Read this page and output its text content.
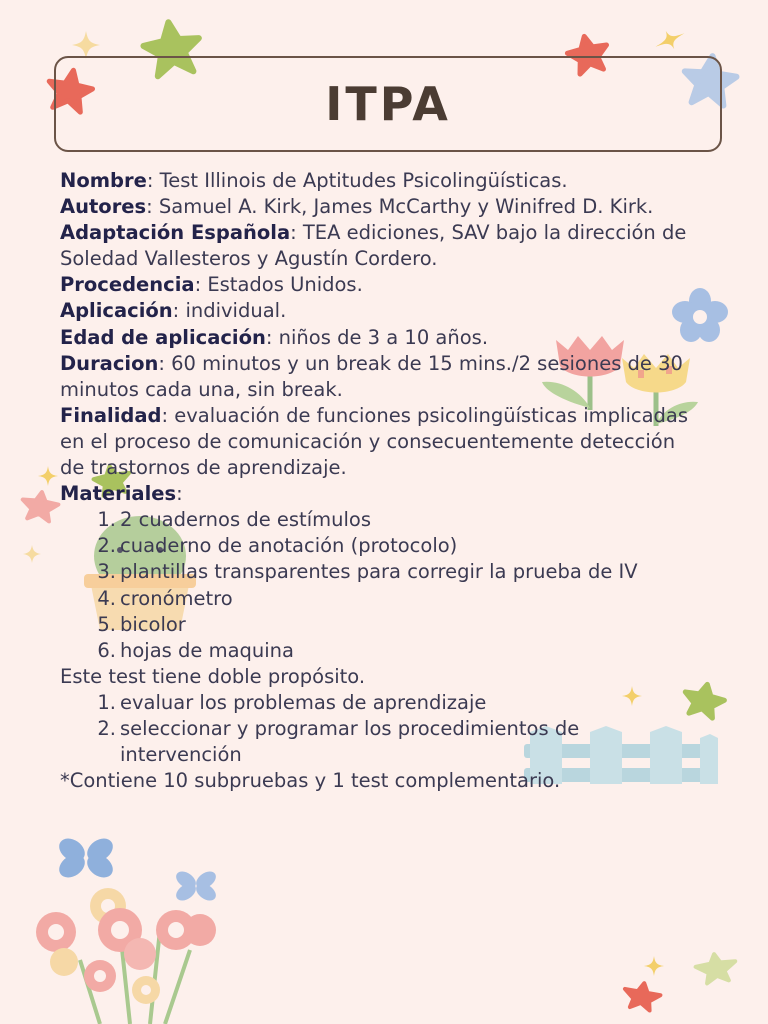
ITPA

Nombre: Test Illinois de Aptitudes Psicolingüísticas.

Autores: Samuel A. Kirk, James McCarthy y Winifred D. Kirk.

Adaptación Española: TEA ediciones, SAV bajo la dirección de Soledad Vallesteros y Agustín Cordero.

Procedencia: Estados Unidos.

Aplicación: individual.

Edad de aplicación: niños de 3 a 10 años.

Duracion: 60 minutos y un break de 15 mins./2 sesiones de 30 minutos cada una, sin break.

Finalidad: evaluación de funciones psicolingüísticas implicadas en el proceso de comunicación y consecuentemente detección de trastornos de aprendizaje.

Materiales:

1. 2 cuadernos de estímulos
2. cuaderno de anotación (protocolo)
3. plantillas transparentes para corregir la prueba de IV
4. cronómetro
5. bicolor
6. hojas de maquina

Este test tiene doble propósito.

1. evaluar los problemas de aprendizaje
2. seleccionar y programar los procedimientos de intervención

*Contiene 10 subpruebas y 1 test complementario.
